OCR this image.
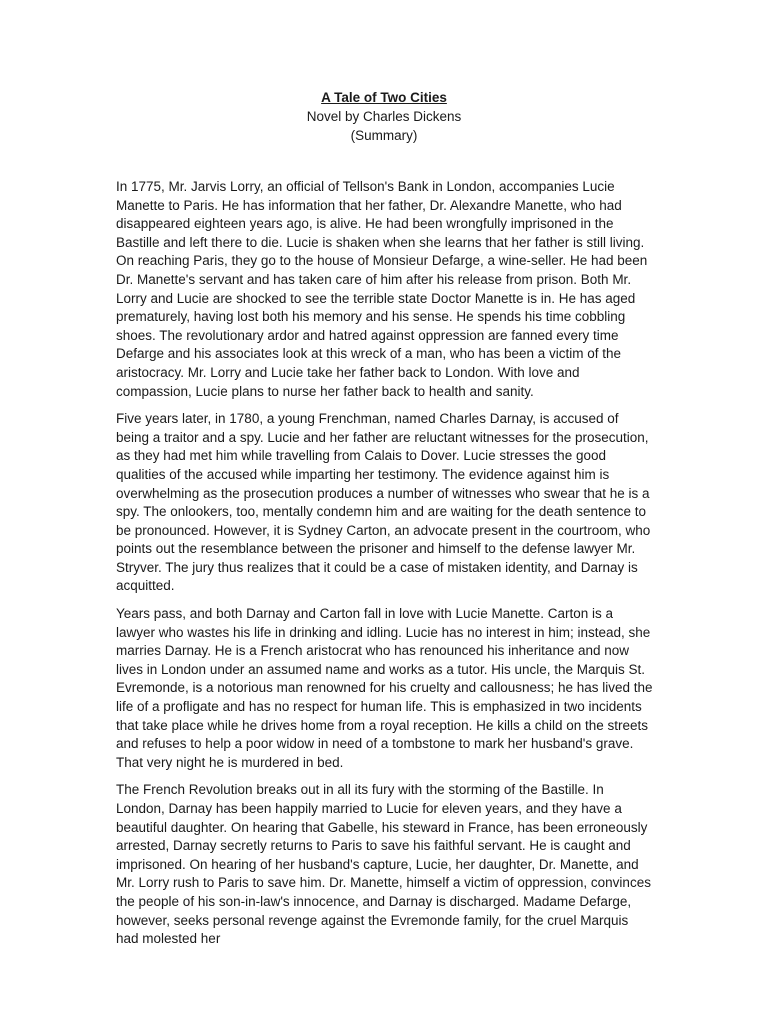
A Tale of Two Cities

Novel by Charles Dickens

(Summary)

In 1775, Mr. Jarvis Lorry, an official of Tellson's Bank in London, accompanies Lucie Manette to Paris. He has information that her father, Dr. Alexandre Manette, who had disappeared eighteen years ago, is alive. He had been wrongfully imprisoned in the Bastille and left there to die. Lucie is shaken when she learns that her father is still living. On reaching Paris, they go to the house of Monsieur Defarge, a wine-seller. He had been Dr. Manette's servant and has taken care of him after his release from prison. Both Mr. Lorry and Lucie are shocked to see the terrible state Doctor Manette is in. He has aged prematurely, having lost both his memory and his sense. He spends his time cobbling shoes. The revolutionary ardor and hatred against oppression are fanned every time Defarge and his associates look at this wreck of a man, who has been a victim of the aristocracy. Mr. Lorry and Lucie take her father back to London. With love and compassion, Lucie plans to nurse her father back to health and sanity.

Five years later, in 1780, a young Frenchman, named Charles Darnay, is accused of being a traitor and a spy. Lucie and her father are reluctant witnesses for the prosecution, as they had met him while travelling from Calais to Dover. Lucie stresses the good qualities of the accused while imparting her testimony. The evidence against him is overwhelming as the prosecution produces a number of witnesses who swear that he is a spy. The onlookers, too, mentally condemn him and are waiting for the death sentence to be pronounced. However, it is Sydney Carton, an advocate present in the courtroom, who points out the resemblance between the prisoner and himself to the defense lawyer Mr. Stryver. The jury thus realizes that it could be a case of mistaken identity, and Darnay is acquitted.

Years pass, and both Darnay and Carton fall in love with Lucie Manette. Carton is a lawyer who wastes his life in drinking and idling. Lucie has no interest in him; instead, she marries Darnay. He is a French aristocrat who has renounced his inheritance and now lives in London under an assumed name and works as a tutor. His uncle, the Marquis St. Evremonde, is a notorious man renowned for his cruelty and callousness; he has lived the life of a profligate and has no respect for human life. This is emphasized in two incidents that take place while he drives home from a royal reception. He kills a child on the streets and refuses to help a poor widow in need of a tombstone to mark her husband's grave. That very night he is murdered in bed.

The French Revolution breaks out in all its fury with the storming of the Bastille. In London, Darnay has been happily married to Lucie for eleven years, and they have a beautiful daughter. On hearing that Gabelle, his steward in France, has been erroneously arrested, Darnay secretly returns to Paris to save his faithful servant. He is caught and imprisoned. On hearing of her husband's capture, Lucie, her daughter, Dr. Manette, and Mr. Lorry rush to Paris to save him. Dr. Manette, himself a victim of oppression, convinces the people of his son-in-law's innocence, and Darnay is discharged. Madame Defarge, however, seeks personal revenge against the Evremonde family, for the cruel Marquis had molested her
